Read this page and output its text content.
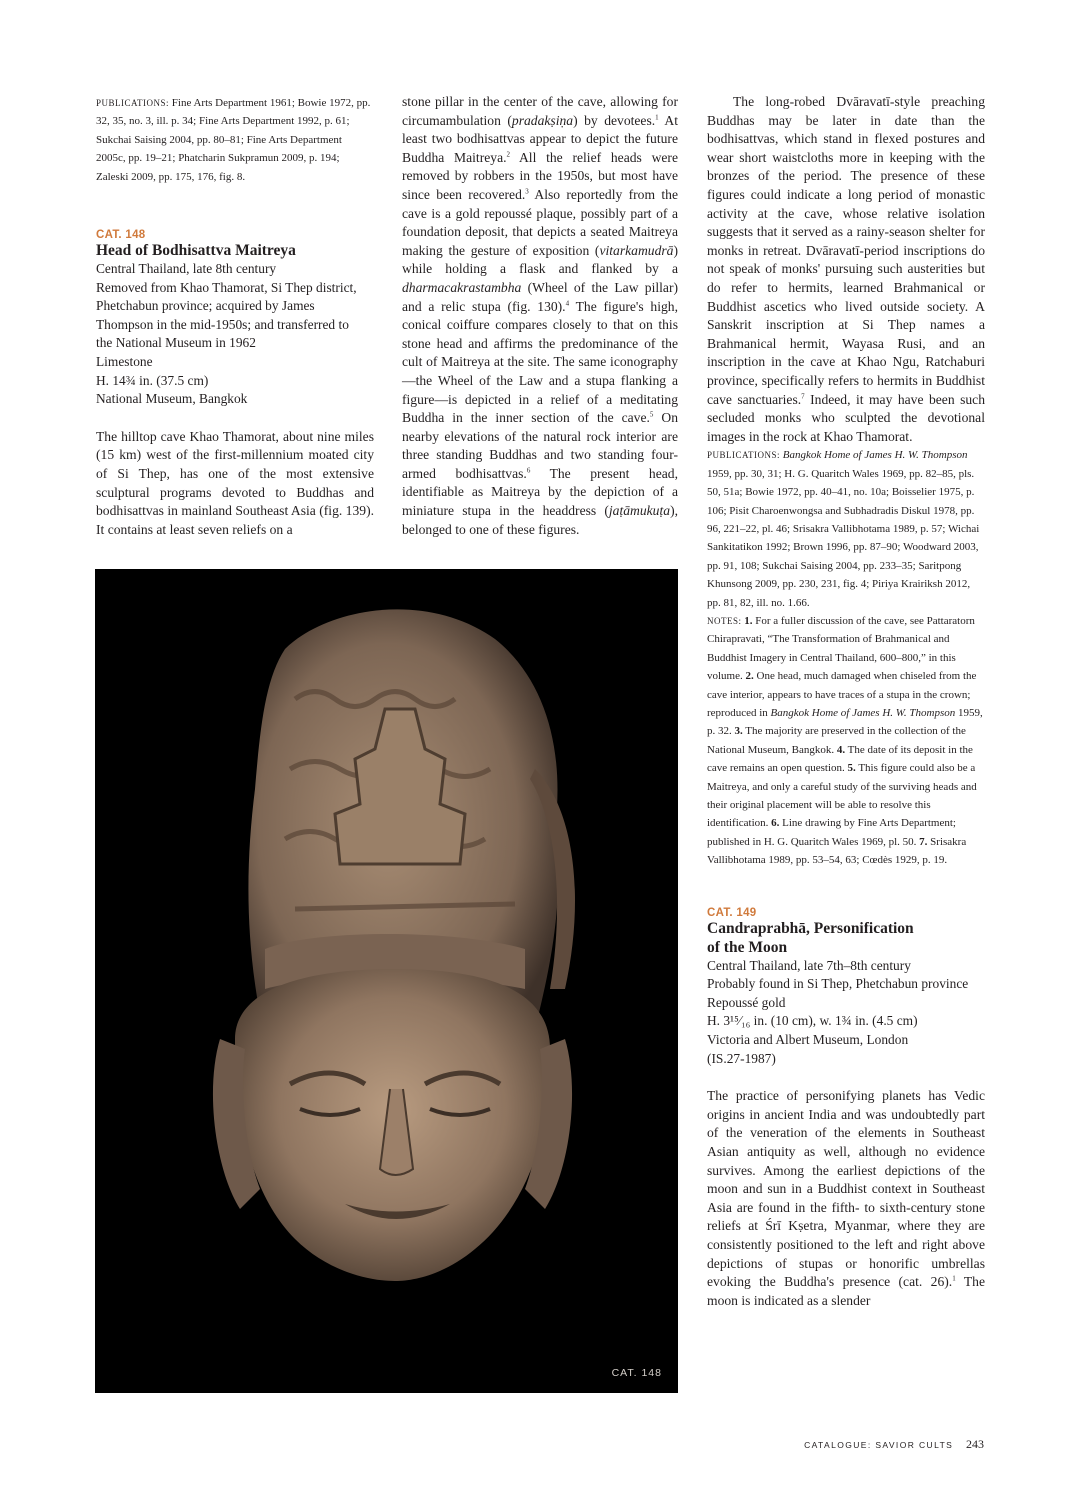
PUBLICATIONS: Fine Arts Department 1961; Bowie 1972, pp. 32, 35, no. 3, ill. p. 34; Fine Arts Department 1992, p. 61; Sukchai Saising 2004, pp. 80–81; Fine Arts Department 2005c, pp. 19–21; Phatcharin Sukpramun 2009, p. 194; Zaleski 2009, pp. 175, 176, fig. 8.

CAT. 148

Head of Bodhisattva Maitreya

Central Thailand, late 8th century
Removed from Khao Thamorat, Si Thep district,
Phetchabun province; acquired by James
Thompson in the mid-1950s; and transferred to
the National Museum in 1962
Limestone
H. 14¾ in. (37.5 cm)
National Museum, Bangkok

The hilltop cave Khao Thamorat, about nine miles (15 km) west of the first-millennium moated city of Si Thep, has one of the most extensive sculptural programs devoted to Buddhas and bodhisattvas in mainland Southeast Asia (fig. 139). It contains at least seven reliefs on a

stone pillar in the center of the cave, allowing for circumambulation (pradakṣiṇa) by devotees.$^1$ At least two bodhisattvas appear to depict the future Buddha Maitreya.$^2$ All the relief heads were removed by robbers in the 1950s, but most have since been recovered.$^3$ Also reportedly from the cave is a gold repoussé plaque, possibly part of a foundation deposit, that depicts a seated Maitreya making the gesture of exposition (vitarkamudrā) while holding a flask and flanked by a dharmacakrastambha (Wheel of the Law pillar) and a relic stupa (fig. 130).$^4$ The figure's high, conical coiffure compares closely to that on this stone head and affirms the predominance of the cult of Maitreya at the site. The same iconography—the Wheel of the Law and a stupa flanking a figure—is depicted in a relief of a meditating Buddha in the inner section of the cave.$^5$ On nearby elevations of the natural rock interior are three standing Buddhas and two standing four-armed bodhisattvas.$^6$ The present head, identifiable as Maitreya by the depiction of a miniature stupa in the headdress (jaṭāmukuṭa), belonged to one of these figures.

The long-robed Dvāravatī-style preaching Buddhas may be later in date than the bodhisattvas, which stand in flexed postures and wear short waistcloths more in keeping with the bronzes of the period. The presence of these figures could indicate a long period of monastic activity at the cave, whose relative isolation suggests that it served as a rainy-season shelter for monks in retreat. Dvāravatī-period inscriptions do not speak of monks' pursuing such austerities but do refer to hermits, learned Brahmanical or Buddhist ascetics who lived outside society. A Sanskrit inscription at Si Thep names a Brahmanical hermit, Wayasa Rusi, and an inscription in the cave at Khao Ngu, Ratchaburi province, specifically refers to hermits in Buddhist cave sanctuaries.$^7$ Indeed, it may have been such secluded monks who sculpted the devotional images in the rock at Khao Thamorat.

PUBLICATIONS: Bangkok Home of James H. W. Thompson 1959, pp. 30, 31; H. G. Quaritch Wales 1969, pp. 82–85, pls. 50, 51a; Bowie 1972, pp. 40–41, no. 10a; Boisselier 1975, p. 106; Pisit Charoenwongsa and Subhadradis Diskul 1978, pp. 96, 221–22, pl. 46; Srisakra Vallibhotama 1989, p. 57; Wichai Sankitatikon 1992; Brown 1996, pp. 87–90; Woodward 2003, pp. 91, 108; Sukchai Saising 2004, pp. 233–35; Saritpong Khunsong 2009, pp. 230, 231, fig. 4; Piriya Krairiksh 2012, pp. 81, 82, ill. no. 1.66.
NOTES: 1. For a fuller discussion of the cave, see Pattaratorn Chirapravati, “The Transformation of Brahmanical and Buddhist Imagery in Central Thailand, 600–800,” in this volume. 2. One head, much damaged when chiseled from the cave interior, appears to have traces of a stupa in the crown; reproduced in Bangkok Home of James H. W. Thompson 1959, p. 32. 3. The majority are preserved in the collection of the National Museum, Bangkok. 4. The date of its deposit in the cave remains an open question. 5. This figure could also be a Maitreya, and only a careful study of the surviving heads and their original placement will be able to resolve this identification. 6. Line drawing by Fine Arts Department; published in H. G. Quaritch Wales 1969, pl. 50. 7. Srisakra Vallibhotama 1989, pp. 53–54, 63; Cœdès 1929, p. 19.

CAT. 149

Candraprabhā, Personification
of the Moon

Central Thailand, late 7th–8th century
Probably found in Si Thep, Phetchabun province
Repoussé gold
H. 3¹⁵⁄₁₆ in. (10 cm), w. 1¾ in. (4.5 cm)
Victoria and Albert Museum, London
(IS.27-1987)

The practice of personifying planets has Vedic origins in ancient India and was undoubtedly part of the veneration of the elements in Southeast Asian antiquity as well, although no evidence survives. Among the earliest depictions of the moon and sun in a Buddhist context in Southeast Asia are found in the fifth- to sixth-century stone reliefs at Śrī Kṣetra, Myanmar, where they are consistently positioned to the left and right above depictions of stupas or honorific umbrellas evoking the Buddha's presence (cat. 26).$^1$ The moon is indicated as a slender

CAT. 148
CATALOGUE: SAVIOR CULTS 243
